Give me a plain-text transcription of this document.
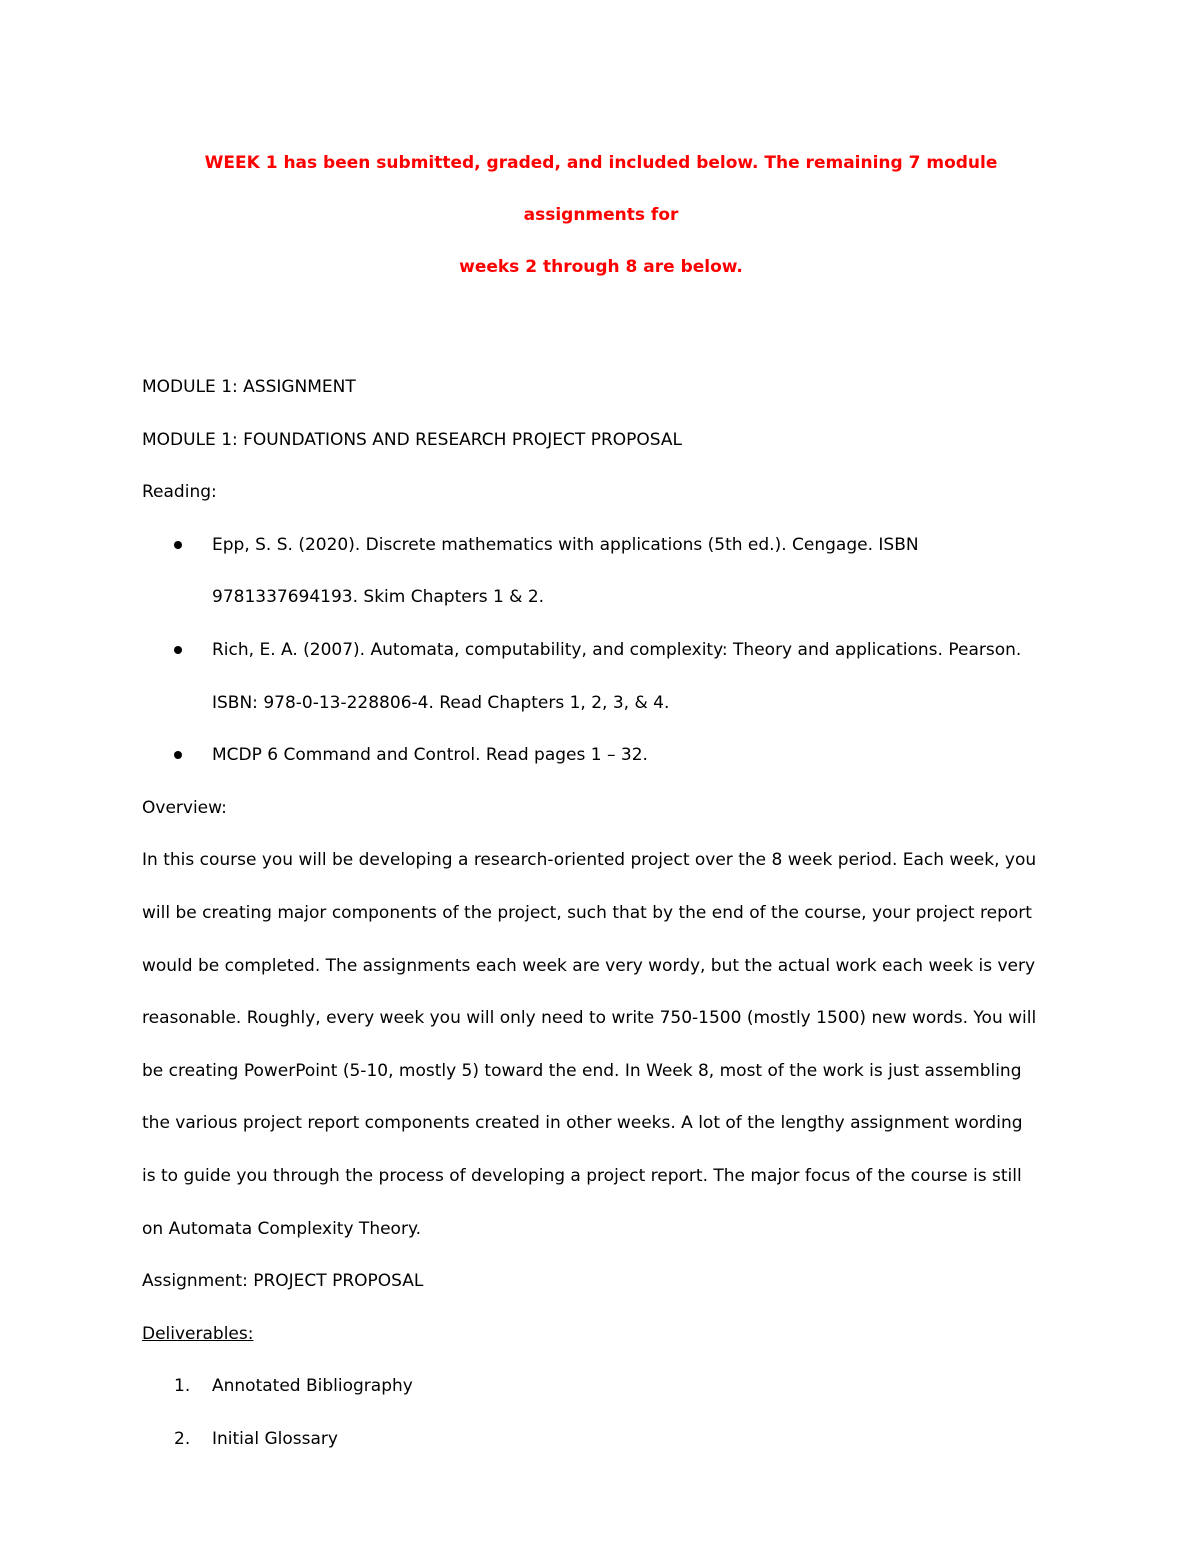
WEEK 1 has been submitted, graded, and included below. The remaining 7 module assignments for

weeks 2 through 8 are below.

MODULE 1: ASSIGNMENT

MODULE 1: FOUNDATIONS AND RESEARCH PROJECT PROPOSAL

Reading:

Epp, S. S. (2020). Discrete mathematics with applications (5th ed.). Cengage. ISBN
9781337694193. Skim Chapters 1 & 2.
Rich, E. A. (2007). Automata, computability, and complexity: Theory and applications. Pearson.
ISBN: 978-0-13-228806-4. Read Chapters 1, 2, 3, & 4.
MCDP 6 Command and Control. Read pages 1 – 32.

Overview:

In this course you will be developing a research-oriented project over the 8 week period. Each week, you

will be creating major components of the project, such that by the end of the course, your project report

would be completed. The assignments each week are very wordy, but the actual work each week is very

reasonable. Roughly, every week you will only need to write 750-1500 (mostly 1500) new words. You will

be creating PowerPoint (5-10, mostly 5) toward the end. In Week 8, most of the work is just assembling

the various project report components created in other weeks. A lot of the lengthy assignment wording

is to guide you through the process of developing a project report. The major focus of the course is still

on Automata Complexity Theory.

Assignment: PROJECT PROPOSAL

Deliverables:

1. Annotated Bibliography
2. Initial Glossary
